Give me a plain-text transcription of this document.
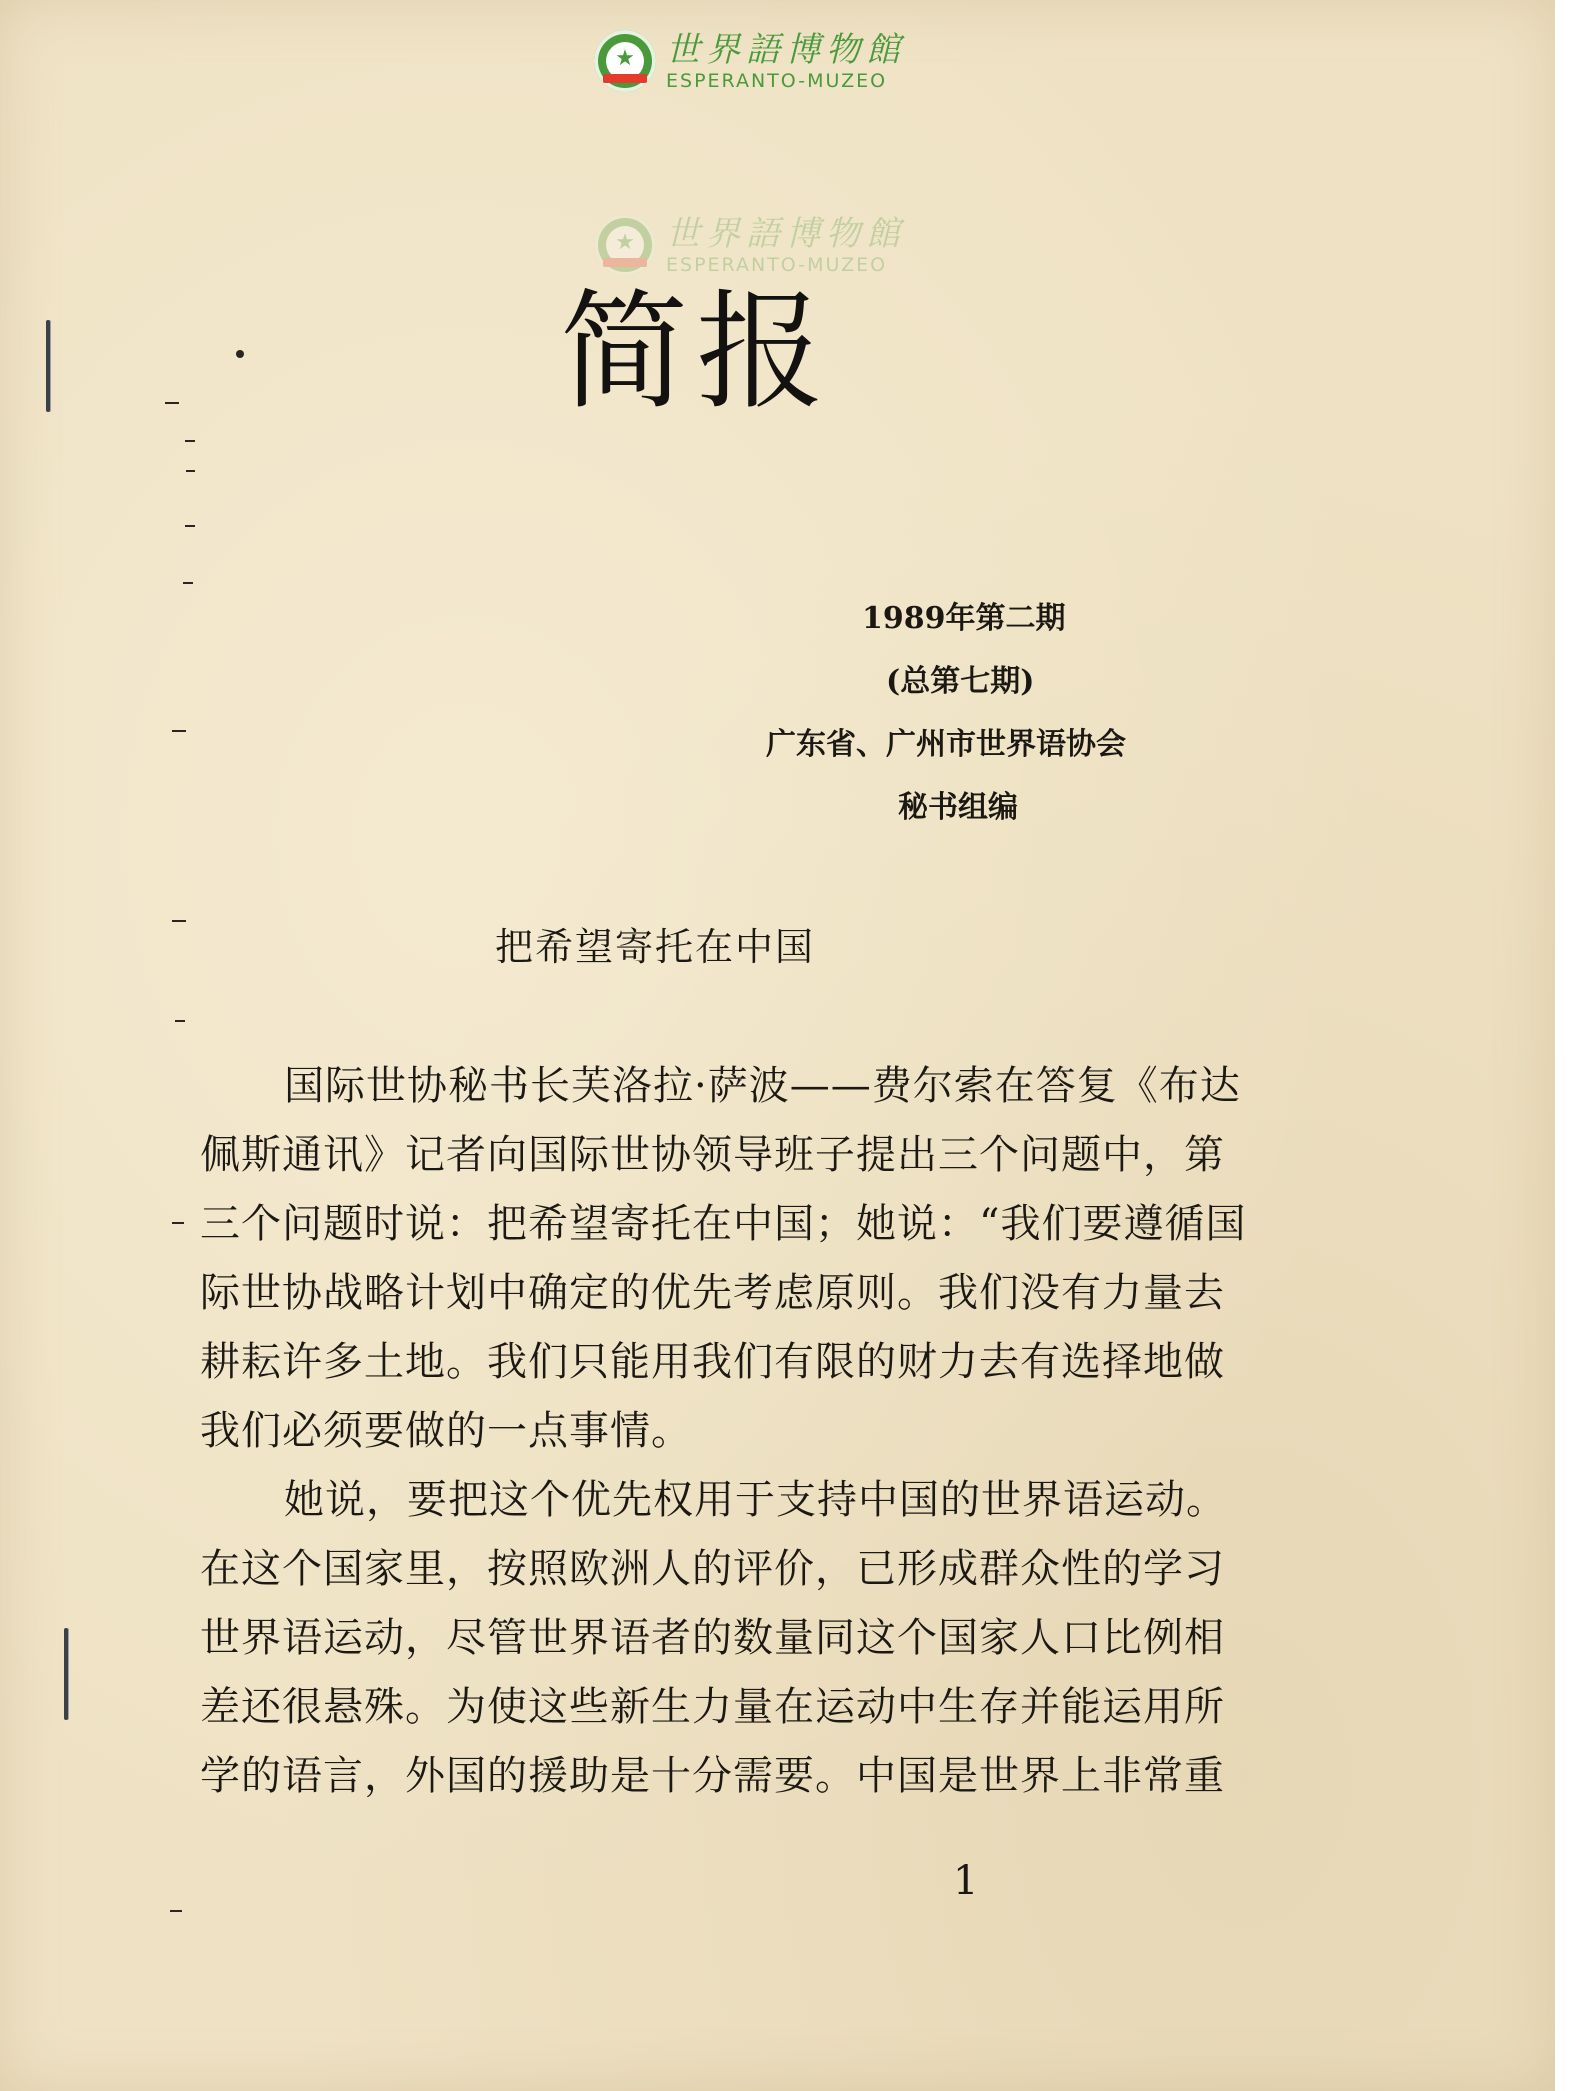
★ 世界語博物館
ESPERANTO-MUZEO
★ 世界語博物館
ESPERANTO-MUZEO
简报
1989年第二期
(总第七期)
广东省、广州市世界语协会
秘书组编
把希望寄托在中国

国际世协秘书长芙洛拉·萨波——费尔索在答复《布达佩斯通讯》记者向国际世协领导班子提出三个问题中，第三个问题时说：把希望寄托在中国；她说：“我们要遵循国际世协战略计划中确定的优先考虑原则。我们没有力量去耕耘许多土地。我们只能用我们有限的财力去有选择地做我们必须要做的一点事情。

她说，要把这个优先权用于支持中国的世界语运动。在这个国家里，按照欧洲人的评价，已形成群众性的学习世界语运动，尽管世界语者的数量同这个国家人口比例相差还很悬殊。为使这些新生力量在运动中生存并能运用所学的语言，外国的援助是十分需要。中国是世界上非常重

1
